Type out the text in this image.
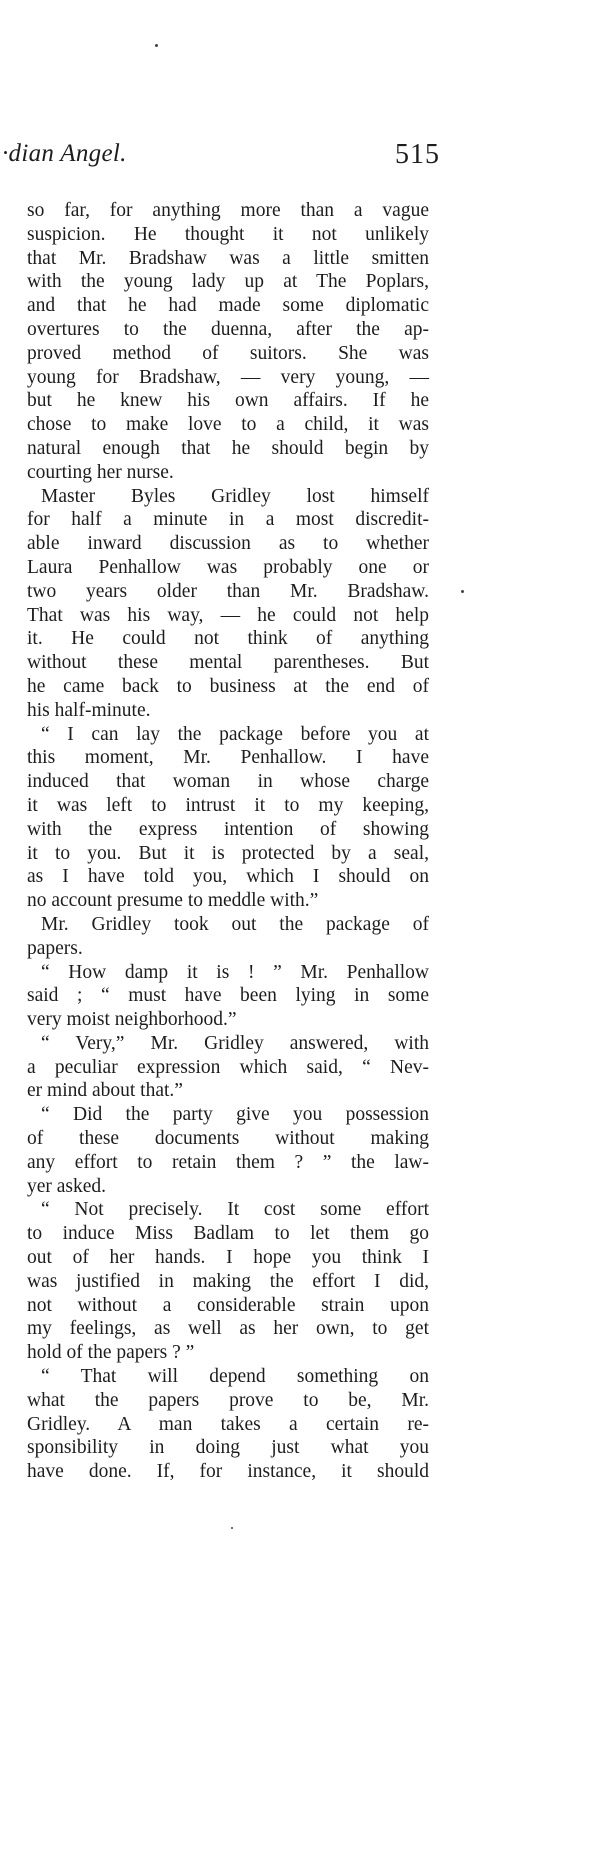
·dian Angel.	515
so far, for anything more than a vague
suspicion. He thought it not unlikely
that Mr. Bradshaw was a little smitten
with the young lady up at The Poplars,
and that he had made some diplomatic
overtures to the duenna, after the ap-
proved method of suitors. She was
young for Bradshaw, — very young, —
but he knew his own affairs. If he
chose to make love to a child, it was
natural enough that he should begin by
courting her nurse.
Master Byles Gridley lost himself
for half a minute in a most discredit-
able inward discussion as to whether
Laura Penhallow was probably one or
two years older than Mr. Bradshaw.
That was his way, — he could not help
it. He could not think of anything
without these mental parentheses. But
he came back to business at the end of
his half-minute.
“ I can lay the package before you at
this moment, Mr. Penhallow. I have
induced that woman in whose charge
it was left to intrust it to my keeping,
with the express intention of showing
it to you. But it is protected by a seal,
as I have told you, which I should on
no account presume to meddle with.”
Mr. Gridley took out the package of
papers.
“ How damp it is ! ” Mr. Penhallow
said ; “ must have been lying in some
very moist neighborhood.”
“ Very,” Mr. Gridley answered, with
a peculiar expression which said, “ Nev-
er mind about that.”
“ Did the party give you possession
of these documents without making
any effort to retain them ? ” the law-
yer asked.
“ Not precisely. It cost some effort
to induce Miss Badlam to let them go
out of her hands. I hope you think I
was justified in making the effort I did,
not without a considerable strain upon
my feelings, as well as her own, to get
hold of the papers ? ”
“ That will depend something on
what the papers prove to be, Mr.
Gridley. A man takes a certain re-
sponsibility in doing just what you
have done. If, for instance, it should
